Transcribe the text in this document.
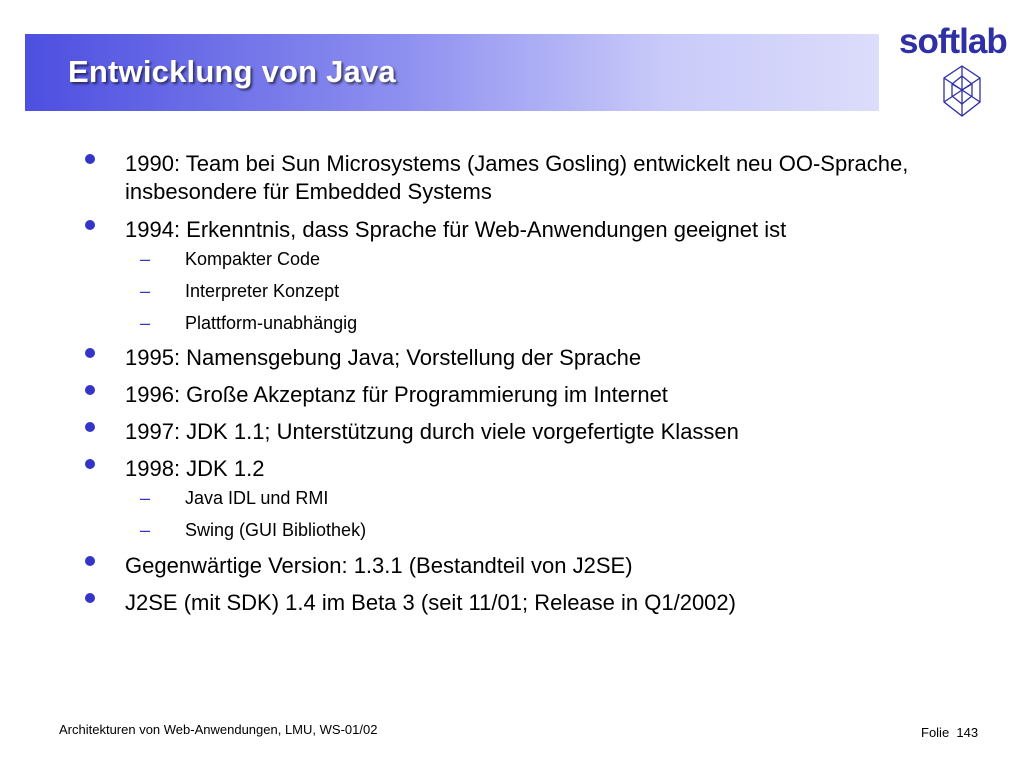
Entwicklung von Java
softlab
1990: Team bei Sun Microsystems (James Gosling) entwickelt neu OO-Sprache, insbesondere für Embedded Systems
1994: Erkenntnis, dass Sprache für Web-Anwendungen geeignet ist
– Kompakter Code
– Interpreter Konzept
– Plattform-unabhängig
1995: Namensgebung Java; Vorstellung der Sprache
1996: Große Akzeptanz für Programmierung im Internet
1997: JDK 1.1; Unterstützung durch viele vorgefertigte Klassen
1998: JDK 1.2
– Java IDL und RMI
– Swing (GUI Bibliothek)
Gegenwärtige Version: 1.3.1 (Bestandteil von J2SE)
J2SE (mit SDK) 1.4 im Beta 3 (seit 11/01; Release in Q1/2002)
Architekturen von Web-Anwendungen, LMU, WS-01/02	Folie 143
